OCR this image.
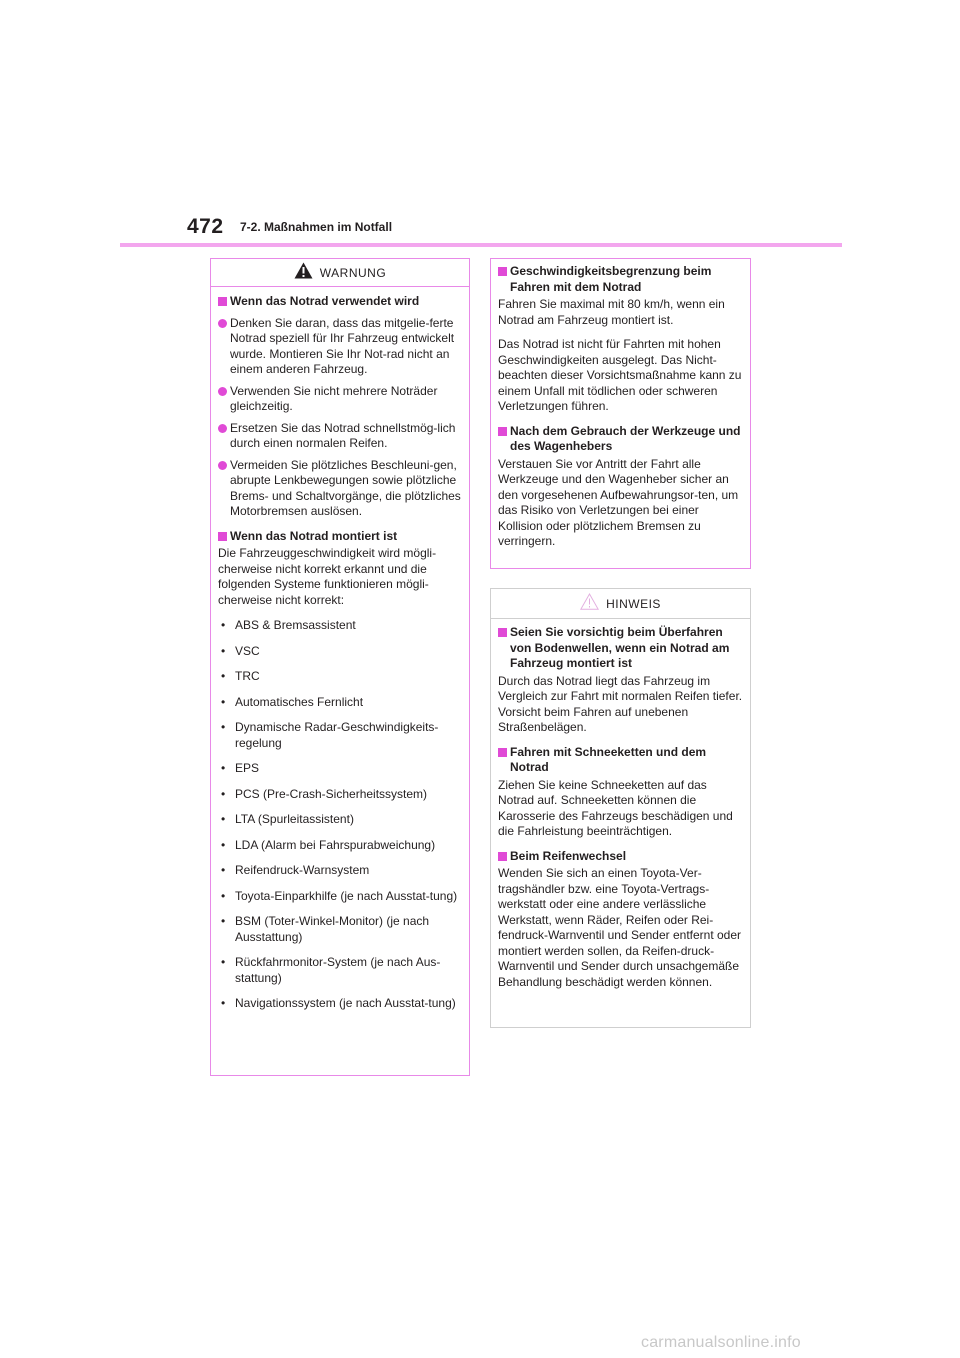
472 7-2. Maßnahmen im Notfall
WARNUNG
Wenn das Notrad verwendet wird
Denken Sie daran, dass das mitgelie-ferte Notrad speziell für Ihr Fahrzeug entwickelt wurde. Montieren Sie Ihr Not-rad nicht an einem anderen Fahrzeug.
Verwenden Sie nicht mehrere Noträder gleichzeitig.
Ersetzen Sie das Notrad schnellstmög-lich durch einen normalen Reifen.
Vermeiden Sie plötzliches Beschleuni-gen, abrupte Lenkbewegungen sowie plötzliche Brems- und Schaltvorgänge, die plötzliches Motorbremsen auslösen.
Wenn das Notrad montiert ist
Die Fahrzeuggeschwindigkeit wird mögli-cherweise nicht korrekt erkannt und die folgenden Systeme funktionieren mögli-cherweise nicht korrekt:
• ABS & Bremsassistent
• VSC
• TRC
• Automatisches Fernlicht
• Dynamische Radar-Geschwindigkeits-regelung
• EPS
• PCS (Pre-Crash-Sicherheitssystem)
• LTA (Spurleitassistent)
• LDA (Alarm bei Fahrspurabweichung)
• Reifendruck-Warnsystem
• Toyota-Einparkhilfe (je nach Ausstat-tung)
• BSM (Toter-Winkel-Monitor) (je nach Ausstattung)
• Rückfahrmonitor-System (je nach Aus-stattung)
• Navigationssystem (je nach Ausstat-tung)
Geschwindigkeitsbegrenzung beim Fahren mit dem Notrad
Fahren Sie maximal mit 80 km/h, wenn ein Notrad am Fahrzeug montiert ist.
Das Notrad ist nicht für Fahrten mit hohen Geschwindigkeiten ausgelegt. Das Nicht-beachten dieser Vorsichtsmaßnahme kann zu einem Unfall mit tödlichen oder schweren Verletzungen führen.
Nach dem Gebrauch der Werkzeuge und des Wagenhebers
Verstauen Sie vor Antritt der Fahrt alle Werkzeuge und den Wagenheber sicher an den vorgesehenen Aufbewahrungsor-ten, um das Risiko von Verletzungen bei einer Kollision oder plötzlichem Bremsen zu verringern.
HINWEIS
Seien Sie vorsichtig beim Überfahren von Bodenwellen, wenn ein Notrad am Fahrzeug montiert ist
Durch das Notrad liegt das Fahrzeug im Vergleich zur Fahrt mit normalen Reifen tiefer. Vorsicht beim Fahren auf unebenen Straßenbelägen.
Fahren mit Schneeketten und dem Notrad
Ziehen Sie keine Schneeketten auf das Notrad auf. Schneeketten können die Karosserie des Fahrzeugs beschädigen und die Fahrleistung beeinträchtigen.
Beim Reifenwechsel
Wenden Sie sich an einen Toyota-Ver-tragshändler bzw. eine Toyota-Vertrags-werkstatt oder eine andere verlässliche Werkstatt, wenn Räder, Reifen oder Rei-fendruck-Warnventil und Sender entfernt oder montiert werden sollen, da Reifen-druck-Warnventil und Sender durch unsachgemäße Behandlung beschädigt werden können.
carmanualsonline.info
